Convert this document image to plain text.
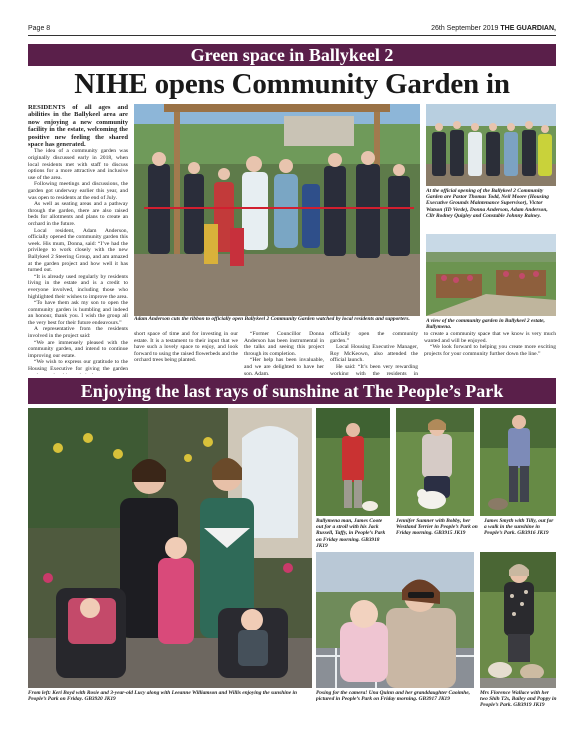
Page 8	26th September 2019 THE GUARDIAN,
Green space in Ballykeel 2
NIHE opens Community Garden in

RESIDENTS of all ages and abilities in the Ballykeel area are now enjoying a new community facility in the estate, welcoming the positive new feeling the shared space has generated.

The idea of a community garden was originally discussed early in 2018, when local residents met with staff to discuss options for a more attractive and inclusive use of the area.

Following meetings and discussions, the garden got underway earlier this year, and was open to residents at the end of July.

As well as seating areas and a pathway through the garden, there are also raised beds for allotments and plans to create an orchard in the future.

Local resident, Adam Anderson, officially opened the community garden this week. His mum, Donna, said: “I’ve had the privilege to work closely with the new Ballykeel 2 Steering Group, and am amazed at the garden project and how well it has turned out.

“It is already used regularly by residents living in the estate and is a credit to everyone involved, including those who highlighted their wishes to improve the area.

“To have them ask my son to open the community garden is humbling and indeed an honour, thank you. I wish the group all the very best for their future endeavours.”

A representative from the residents involved in the project said:

“We are immensely pleased with the community garden, and intend to continue improving our estate.

“We wish to express our gratitude to the Housing Executive for giving the garden

Adam Anderson cuts the ribbon to officially open Ballykeel 2 Community Garden watched by local residents and supporters.
At the official opening of the Ballykeel 2 Community Garden are Pastor Thomas Todd, Neil Moore (Housing Executive Grounds Maintenance Supervisor), Victor Watson (ID Verde), Donna Anderson, Adam Anderson, Cllr Rodney Quigley and Constable Johnny Rainey.
A view of the community garden in Ballykeel 2 estate, Ballymena.

short space of time and for investing in our estate. It is a testament to their input that we have such a lovely space to enjoy, and look forward to using the raised flowerbeds and the orchard trees being planted.

“Former Councillor Donna Anderson has been instrumental in the talks and seeing this project through its completion.

“Her help has been invaluable, and we are delighted to have her son, Adam,

officially open the community garden.”

Local Housing Executive Manager, Roy McKeown, also attended the official launch.

He said: “It’s been very rewarding working with the residents in

to create a community space that we know is very much wanted and will be enjoyed.

“We look forward to helping you create more exciting projects for your community further down the line.”

Enjoying the last rays of sunshine at The People’s Park
From left: Keri Boyd with Rosie and 3-year-old Lucy along with Leeanne Williamson and Willis enjoying the sunshine in People’s Park on Friday. GB3920 JK19
Ballymena man, James Coote out for a stroll with his Jack Russell, Taffy, in People’s Park on Friday morning. GB3918 JK19
Jennifer Sumner with Bobby, her Westland Terrier in People’s Park on Friday morning. GB3915 JK19
James Smyth with Tilly, out for a walk in the sunshine in People’s Park. GB3916 JK19
Posing for the camera! Una Quinn and her granddaughter Caoimhe, pictured in People’s Park on Friday morning. GB3917 JK19
Mrs Florence Wallace with her two Shih T2s, Bailey and Poppy in People’s Park. GB3919 JK19
